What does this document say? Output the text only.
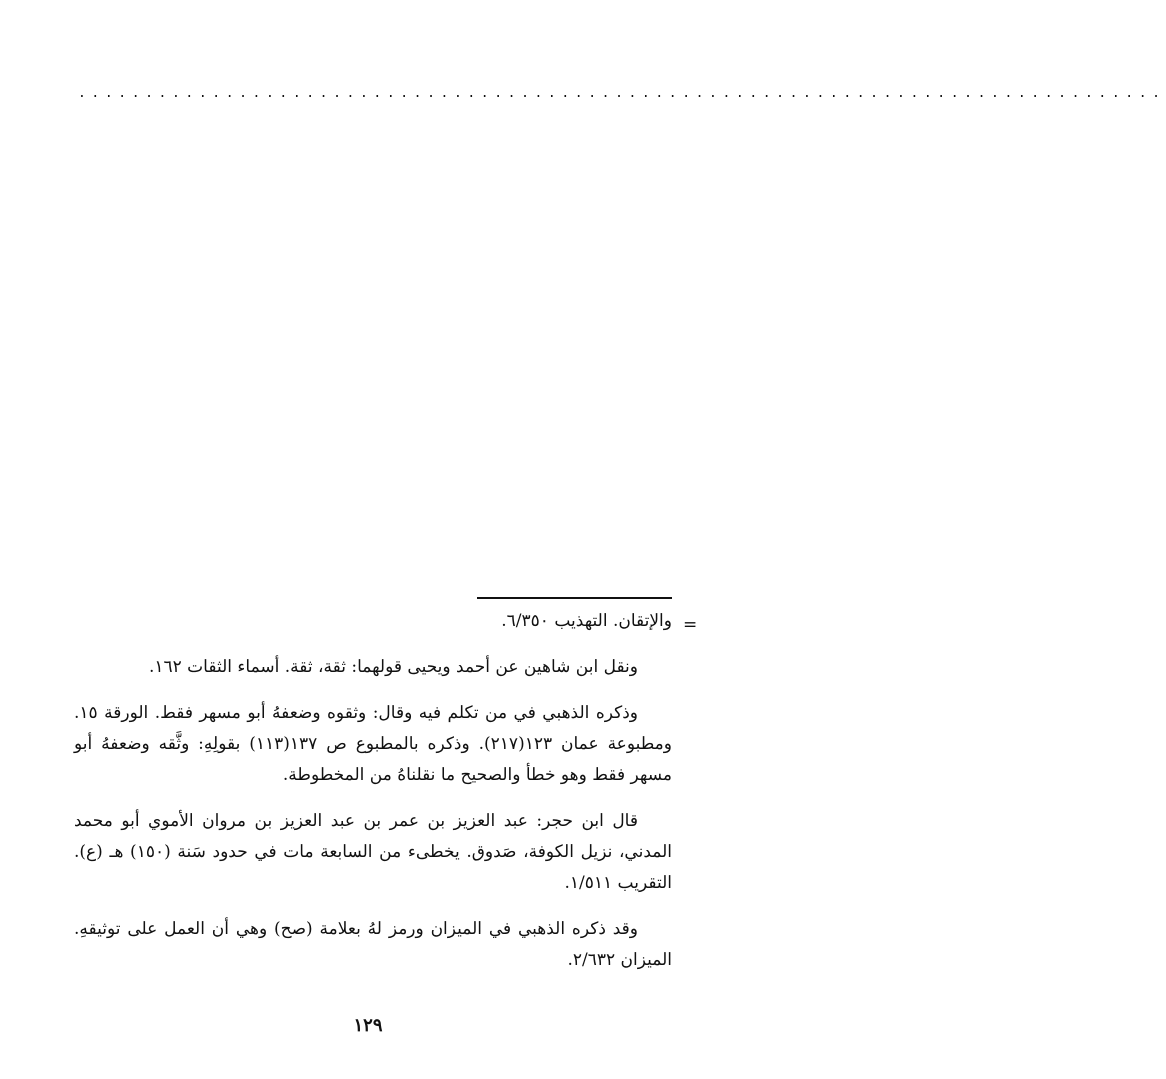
.................................................................................
=

والإتقان. التهذيب ٦/٣٥٠.

ونقل ابن شاهين عن أحمد ويحيى قولهما: ثقة، ثقة. أسماء الثقات ١٦٢.

وذكره الذهبي في من تكلم فيه وقال: وثقوه وضعفهُ أبو مسهر فقط. الورقة ١٥. ومطبوعة عمان ١٢٣(٢١٧). وذكره بالمطبوع ص ١٣٧(١١٣) بقولِهِ: وثَّقه وضعفهُ أبو مسهر فقط وهو خطأ والصحيح ما نقلناهُ من المخطوطة.

قال ابن حجر: عبد العزيز بن عمر بن عبد العزيز بن مروان الأموي أبو محمد المدني، نزيل الكوفة، صَدوق. يخطىء من السابعة مات في حدود سَنة (١٥٠) هـ (ع). التقريب ١/٥١١.

وقد ذكره الذهبي في الميزان ورمز لهُ بعلامة (صح) وهي أن العمل على توثيقهِ. الميزان ٢/٦٣٢.

١٢٩
